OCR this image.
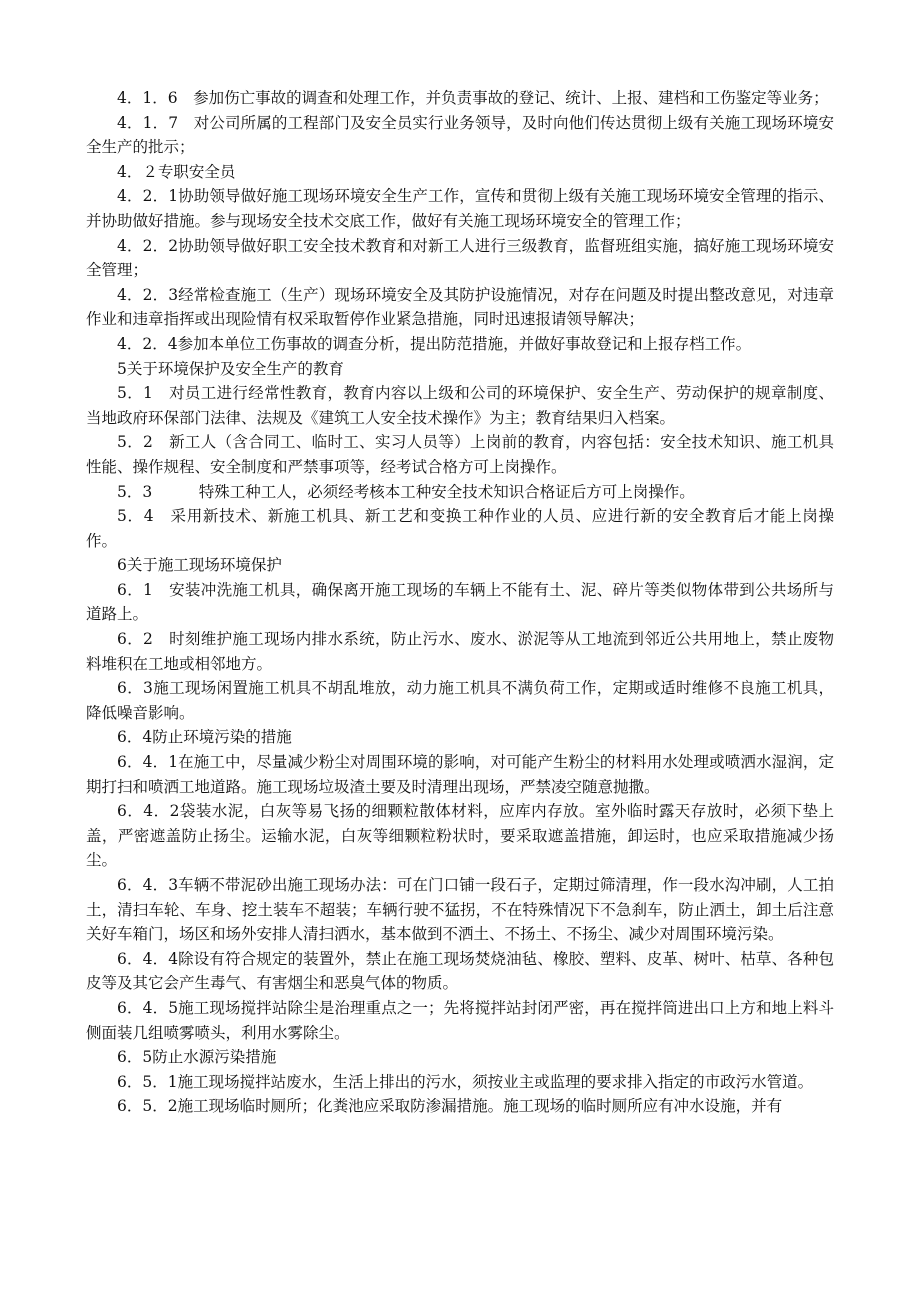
4．1．6　参加伤亡事故的调查和处理工作，并负责事故的登记、统计、上报、建档和工伤鉴定等业务；

4．1．7　对公司所属的工程部门及安全员实行业务领导，及时向他们传达贯彻上级有关施工现场环境安全生产的批示；

4．２专职安全员

4．2．1协助领导做好施工现场环境安全生产工作，宣传和贯彻上级有关施工现场环境安全管理的指示、并协助做好措施。参与现场安全技术交底工作，做好有关施工现场环境安全的管理工作；

4．2．2协助领导做好职工安全技术教育和对新工人进行三级教育，监督班组实施，搞好施工现场环境安全管理；

4．2．3经常检查施工（生产）现场环境安全及其防护设施情况，对存在问题及时提出整改意见，对违章作业和违章指挥或出现险情有权采取暂停作业紧急措施，同时迅速报请领导解决；

4．2．4参加本单位工伤事故的调查分析，提出防范措施，并做好事故登记和上报存档工作。

5关于环境保护及安全生产的教育

5．1　对员工进行经常性教育，教育内容以上级和公司的环境保护、安全生产、劳动保护的规章制度、当地政府环保部门法律、法规及《建筑工人安全技术操作》为主；教育结果归入档案。

5．2　新工人（含合同工、临时工、实习人员等）上岗前的教育，内容包括：安全技术知识、施工机具性能、操作规程、安全制度和严禁事项等，经考试合格方可上岗操作。

5．3　　　特殊工种工人，必须经考核本工种安全技术知识合格证后方可上岗操作。

5．4　采用新技术、新施工机具、新工艺和变换工种作业的人员、应进行新的安全教育后才能上岗操作。

6关于施工现场环境保护

6．1　安装冲洗施工机具，确保离开施工现场的车辆上不能有土、泥、碎片等类似物体带到公共场所与道路上。

6．2　时刻维护施工现场内排水系统，防止污水、废水、淤泥等从工地流到邻近公共用地上，禁止废物料堆积在工地或相邻地方。

6．3施工现场闲置施工机具不胡乱堆放，动力施工机具不满负荷工作，定期或适时维修不良施工机具，降低噪音影响。

6．4防止环境污染的措施

6．4．1在施工中，尽量减少粉尘对周围环境的影响，对可能产生粉尘的材料用水处理或喷洒水湿润，定期打扫和喷洒工地道路。施工现场垃圾渣土要及时清理出现场，严禁凌空随意抛撒。

6．4．2袋装水泥，白灰等易飞扬的细颗粒散体材料，应库内存放。室外临时露天存放时，必须下垫上盖，严密遮盖防止扬尘。运输水泥，白灰等细颗粒粉状时，要采取遮盖措施，卸运时，也应采取措施减少扬尘。

6．4．3车辆不带泥砂出施工现场办法：可在门口铺一段石子，定期过筛清理，作一段水沟冲刷，人工拍土，清扫车轮、车身、挖土装车不超装；车辆行驶不猛拐，不在特殊情况下不急刹车，防止洒土，卸土后注意关好车箱门，场区和场外安排人清扫洒水，基本做到不洒土、不扬土、不扬尘、减少对周围环境污染。

6．4．4除设有符合规定的装置外，禁止在施工现场焚烧油毡、橡胶、塑料、皮革、树叶、枯草、各种包皮等及其它会产生毒气、有害烟尘和恶臭气体的物质。

6．4．5施工现场搅拌站除尘是治理重点之一；先将搅拌站封闭严密，再在搅拌筒进出口上方和地上料斗侧面装几组喷雾喷头，利用水雾除尘。

6．5防止水源污染措施

6．5．1施工现场搅拌站废水，生活上排出的污水，须按业主或监理的要求排入指定的市政污水管道。

6．5．2施工现场临时厕所；化粪池应采取防渗漏措施。施工现场的临时厕所应有冲水设施，并有
